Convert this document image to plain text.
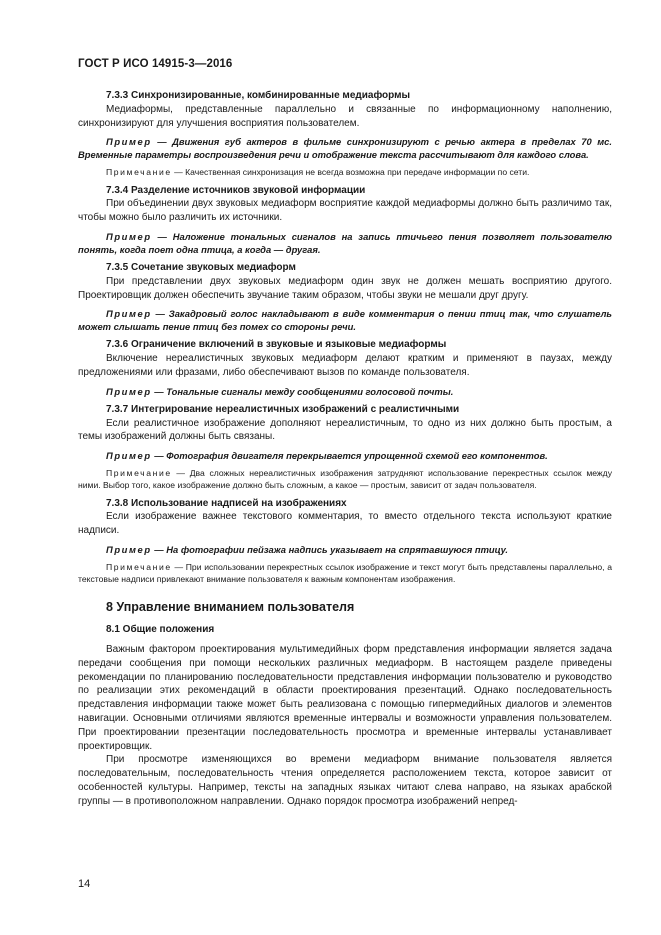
ГОСТ Р ИСО 14915-3—2016
7.3.3 Синхронизированные, комбинированные медиаформы

Медиаформы, представленные параллельно и связанные по информационному наполнению, синхронизируют для улучшения восприятия пользователем.

Пример — Движения губ актеров в фильме синхронизируют с речью актера в пределах 70 мс. Временные параметры воспроизведения речи и отображение текста рассчитывают для каждого слова.

Примечание — Качественная синхронизация не всегда возможна при передаче информации по сети.

7.3.4 Разделение источников звуковой информации

При объединении двух звуковых медиаформ восприятие каждой медиаформы должно быть различимо так, чтобы можно было различить их источники.

Пример — Наложение тональных сигналов на запись птичьего пения позволяет пользователю понять, когда поет одна птица, а когда — другая.

7.3.5 Сочетание звуковых медиаформ

При представлении двух звуковых медиаформ один звук не должен мешать восприятию другого. Проектировщик должен обеспечить звучание таким образом, чтобы звуки не мешали друг другу.

Пример — Закадровый голос накладывают в виде комментария о пении птиц так, что слушатель может слышать пение птиц без помех со стороны речи.

7.3.6 Ограничение включений в звуковые и языковые медиаформы

Включение нереалистичных звуковых медиаформ делают кратким и применяют в паузах, между предложениями или фразами, либо обеспечивают вызов по команде пользователя.

Пример — Тональные сигналы между сообщениями голосовой почты.

7.3.7 Интегрирование нереалистичных изображений с реалистичными

Если реалистичное изображение дополняют нереалистичным, то одно из них должно быть простым, а темы изображений должны быть связаны.

Пример — Фотография двигателя перекрывается упрощенной схемой его компонентов.

Примечание — Два сложных нереалистичных изображения затрудняют использование перекрестных ссылок между ними. Выбор того, какое изображение должно быть сложным, а какое — простым, зависит от задач пользователя.

7.3.8 Использование надписей на изображениях

Если изображение важнее текстового комментария, то вместо отдельного текста используют краткие надписи.

Пример — На фотографии пейзажа надпись указывает на спрятавшуюся птицу.

Примечание — При использовании перекрестных ссылок изображение и текст могут быть представлены параллельно, а текстовые надписи привлекают внимание пользователя к важным компонентам изображения.

8 Управление вниманием пользователя
8.1 Общие положения

Важным фактором проектирования мультимедийных форм представления информации является задача передачи сообщения при помощи нескольких различных медиаформ. В настоящем разделе приведены рекомендации по планированию последовательности представления информации пользователю и руководство по реализации этих рекомендаций в области проектирования презентаций. Однако последовательность представления информации также может быть реализована с помощью гипермедийных диалогов и элементов навигации. Основными отличиями являются временные интервалы и возможности управления пользователем. При проектировании презентации последовательность просмотра и временные интервалы устанавливает проектировщик.

При просмотре изменяющихся во времени медиаформ внимание пользователя является последовательным, последовательность чтения определяется расположением текста, которое зависит от особенностей культуры. Например, тексты на западных языках читают слева направо, на языках арабской группы — в противоположном направлении. Однако порядок просмотра изображений непред-

14
